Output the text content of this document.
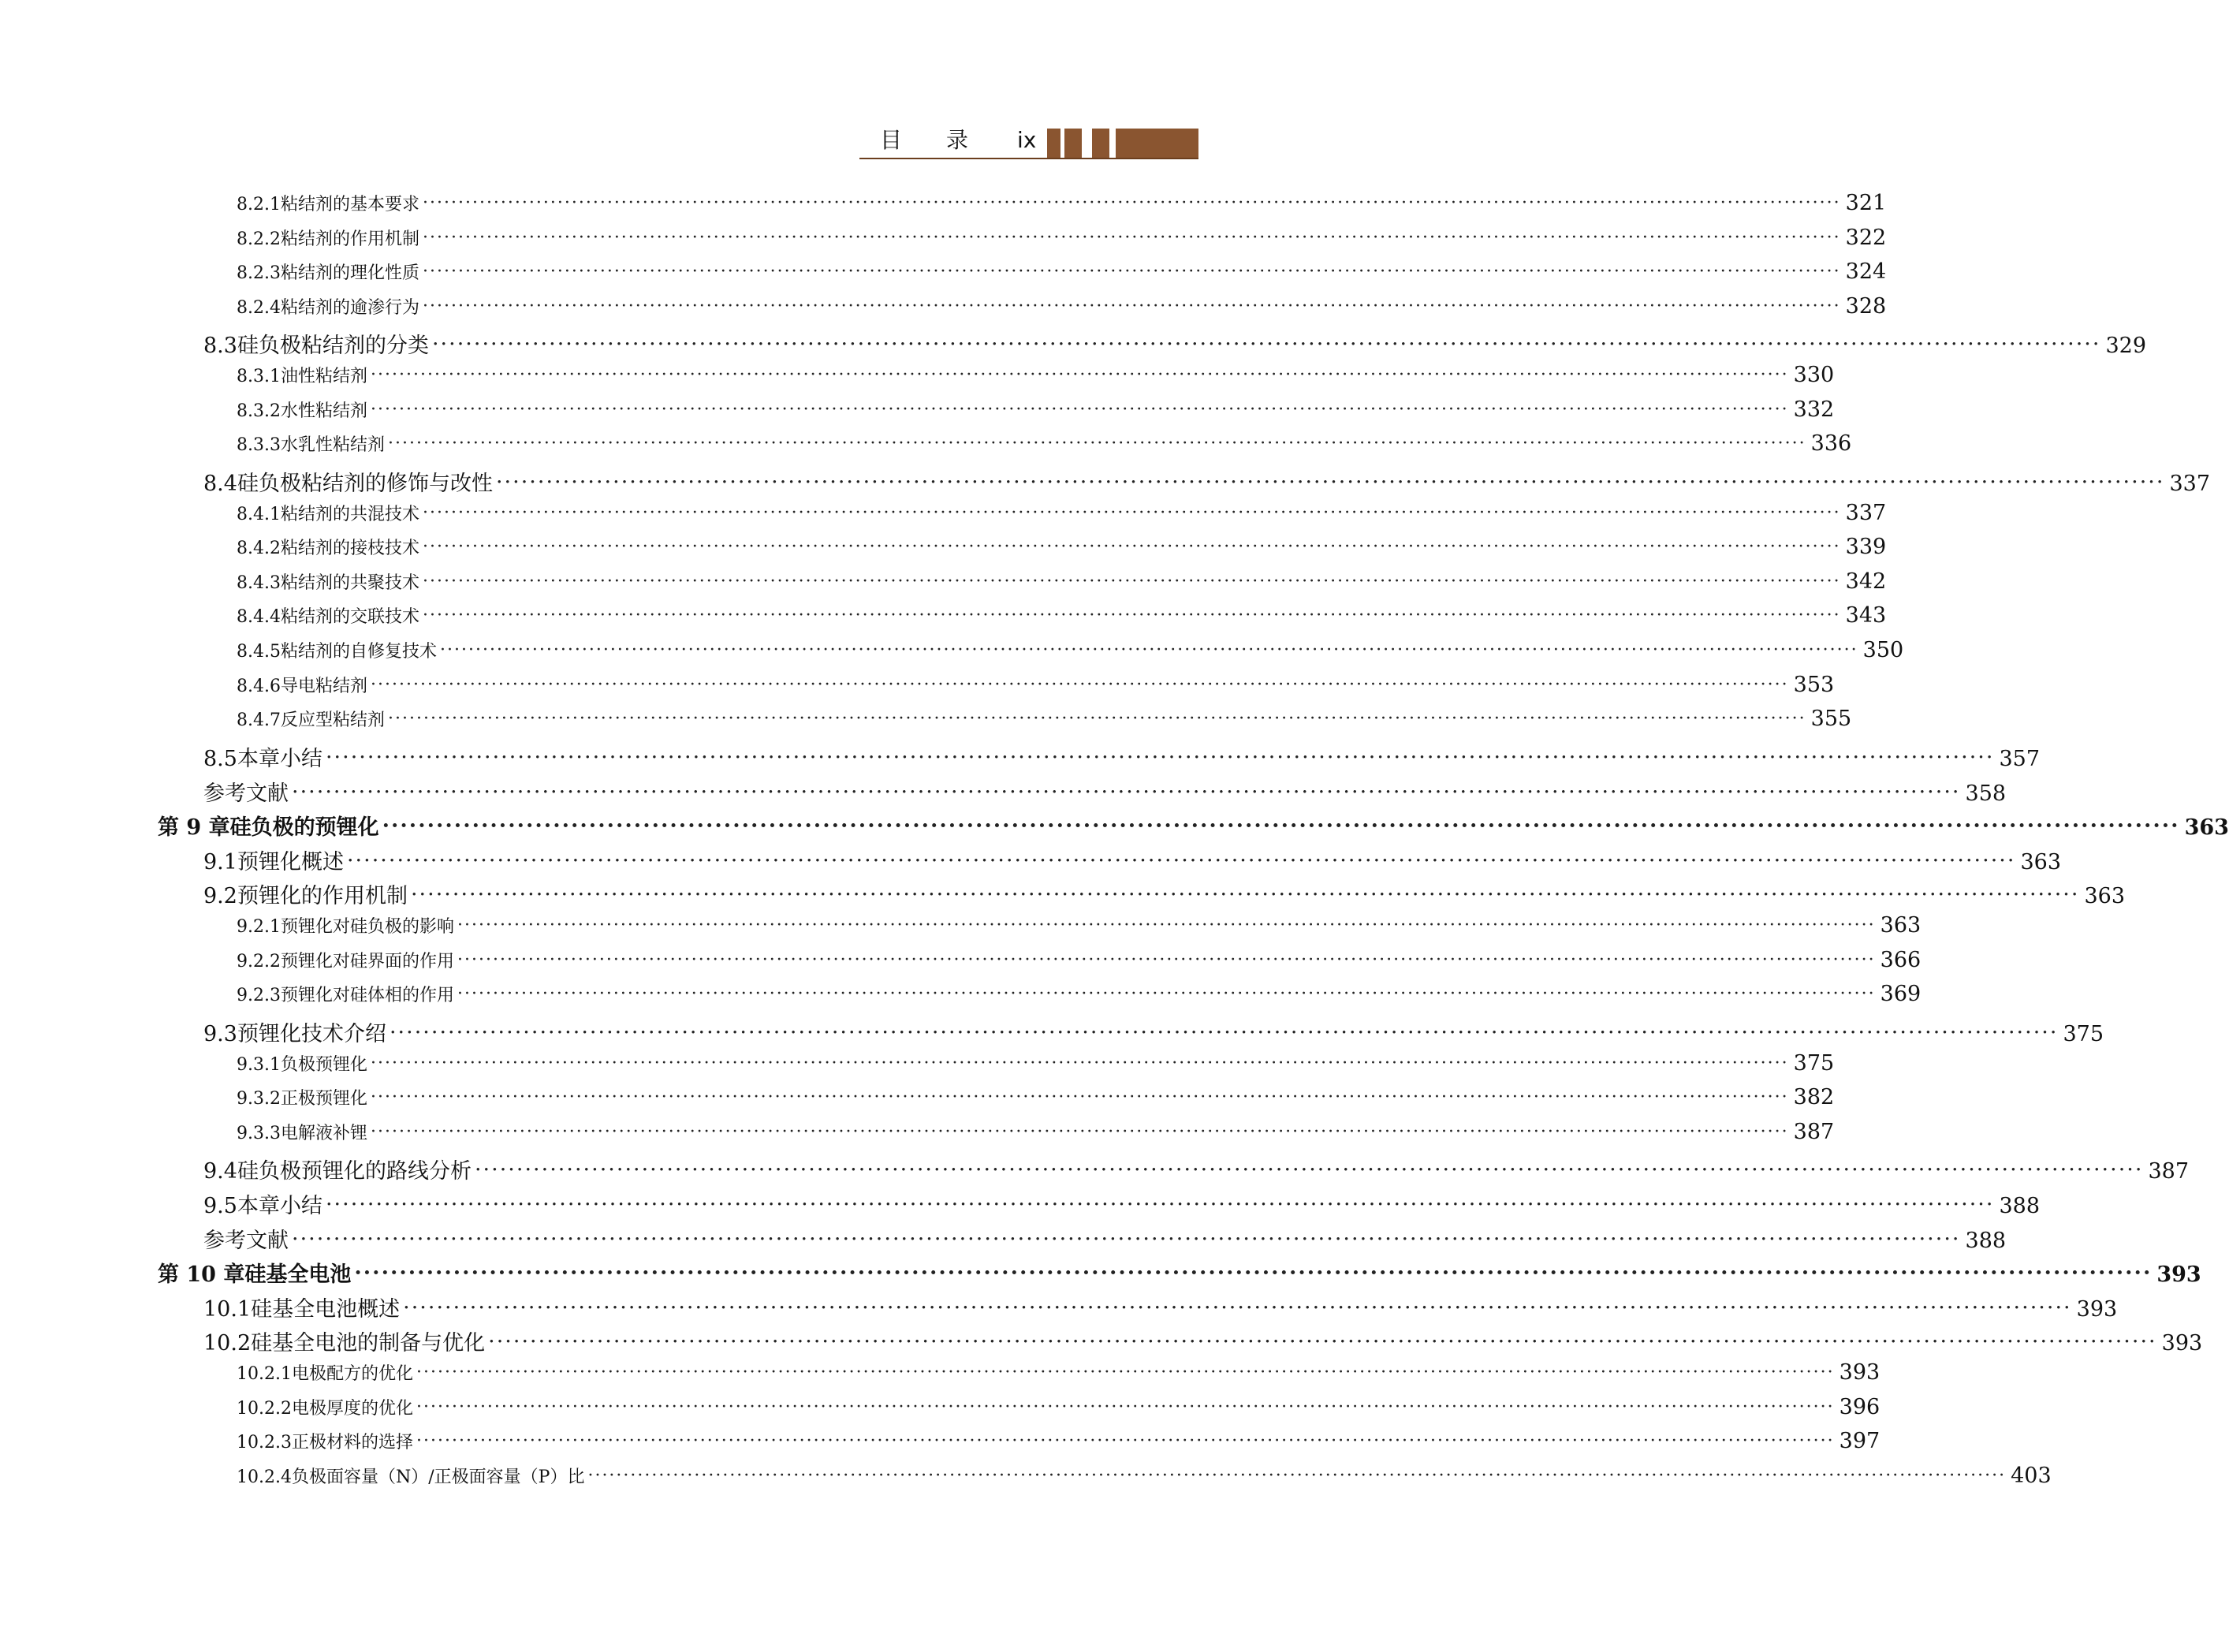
目 录 ix
8.2.1 粘结剂的基本要求 ········································································································································································································ 321
8.2.2 粘结剂的作用机制 ········································································································································································································ 322
8.2.3 粘结剂的理化性质 ········································································································································································································ 324
8.2.4 粘结剂的逾渗行为 ········································································································································································································ 328
8.3 硅负极粘结剂的分类 ········································································································································································································ 329
8.3.1 油性粘结剂 ········································································································································································································ 330
8.3.2 水性粘结剂 ········································································································································································································ 332
8.3.3 水乳性粘结剂 ········································································································································································································ 336
8.4 硅负极粘结剂的修饰与改性 ········································································································································································································ 337
8.4.1 粘结剂的共混技术 ········································································································································································································ 337
8.4.2 粘结剂的接枝技术 ········································································································································································································ 339
8.4.3 粘结剂的共聚技术 ········································································································································································································ 342
8.4.4 粘结剂的交联技术 ········································································································································································································ 343
8.4.5 粘结剂的自修复技术 ········································································································································································································ 350
8.4.6 导电粘结剂 ········································································································································································································ 353
8.4.7 反应型粘结剂 ········································································································································································································ 355
8.5 本章小结 ········································································································································································································ 357
参考文献 ········································································································································································································ 358
第 9 章 硅负极的预锂化 ········································································································································································································ 363
9.1 预锂化概述 ········································································································································································································ 363
9.2 预锂化的作用机制 ········································································································································································································ 363
9.2.1 预锂化对硅负极的影响 ········································································································································································································ 363
9.2.2 预锂化对硅界面的作用 ········································································································································································································ 366
9.2.3 预锂化对硅体相的作用 ········································································································································································································ 369
9.3 预锂化技术介绍 ········································································································································································································ 375
9.3.1 负极预锂化 ········································································································································································································ 375
9.3.2 正极预锂化 ········································································································································································································ 382
9.3.3 电解液补锂 ········································································································································································································ 387
9.4 硅负极预锂化的路线分析 ········································································································································································································ 387
9.5 本章小结 ········································································································································································································ 388
参考文献 ········································································································································································································ 388
第 10 章 硅基全电池 ········································································································································································································ 393
10.1 硅基全电池概述 ········································································································································································································ 393
10.2 硅基全电池的制备与优化 ········································································································································································································ 393
10.2.1 电极配方的优化 ········································································································································································································ 393
10.2.2 电极厚度的优化 ········································································································································································································ 396
10.2.3 正极材料的选择 ········································································································································································································ 397
10.2.4 负极面容量（N）/正极面容量（P）比 ········································································································································································································ 403
